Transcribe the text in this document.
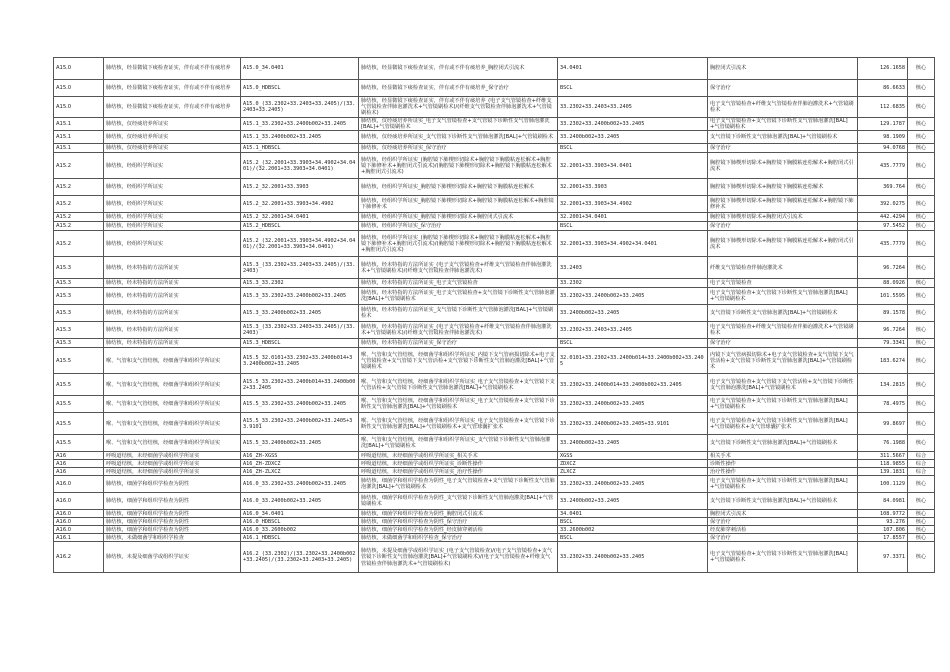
A15.0	肺结核，经显微镜下痰检查证实，伴有或不伴有痰培养	A15.0_34.0401	肺结核，经显微镜下痰检查证实，伴有或不伴有痰培养_胸腔闭式引流术	34.0401	胸腔闭式引流术	126.1658	核心
A15.0	肺结核，经显微镜下痰检查证实，伴有或不伴有痰培养	A15.0_HDBSCL	肺结核，经显微镜下痰检查证实，伴有或不伴有痰培养_保守治疗	BSCL	保守治疗	86.6633	核心
A15.0	肺结核，经显微镜下痰检查证实，伴有或不伴有痰培养	A15.0_(33.2302+33.2403+33.2405)/(33.2403+33.2405)	肺结核，经显微镜下痰检查证实，伴有或不伴有痰培养_(电子支气管镜检查+纤维支气管镜检查伴肺泡灌洗术+气管镜刷检术)/(纤维支气管镜检查伴肺泡灌洗术+气管镜刷检术)	33.2302+33.2403+33.2405	电子支气管镜检查+纤维支气管镜检查伴肺泡灌洗术+气管镜刷检术	112.6835	核心
A15.1	肺结核，仅经痰培养所证实	A15.1_33.2302+33.2400b002+33.2405	肺结核，仅经痰培养所证实_电子支气管镜检查+支气管镜下诊断性支气管肺泡灌洗[BAL]+气管镜刷检术	33.2302+33.2400b002+33.2405	电子支气管镜检查+支气管镜下诊断性支气管肺泡灌洗[BAL]+气管镜刷检术	129.1787	核心
A15.1	肺结核，仅经痰培养所证实	A15.1_33.2400b002+33.2405	肺结核，仅经痰培养所证实_支气管镜下诊断性支气管肺泡灌洗[BAL]+气管镜刷检术	33.2400b002+33.2405	支气管镜下诊断性支气管肺泡灌洗[BAL]+气管镜刷检术	98.1909	核心
A15.1	肺结核，仅经痰培养所证实	A15.1_HDBSCL	肺结核，仅经痰培养所证实_保守治疗	BSCL	保守治疗	94.0768	核心
A15.2	肺结核，经组织学所证实	A15.2_(32.2001+33.3903+34.4902+34.0401)/(32.2001+33.3903+34.0401)	肺结核，经组织学所证实_(胸腔镜下肺楔形切除术+胸腔镜下胸膜粘连松解术+胸腔镜下肺修补术+胸腔闭式引流术)/(胸腔镜下肺楔形切除术+胸腔镜下胸膜粘连松解术+胸腔闭式引流术)	32.2001+33.3903+34.0401	胸腔镜下肺楔形切除术+胸腔镜下胸膜粘连松解术+胸腔闭式引流术	435.7779	核心
A15.2	肺结核，经组织学所证实	A15.2_32.2001+33.3903	肺结核，经组织学所证实_胸腔镜下肺楔形切除术+胸腔镜下胸膜粘连松解术	32.2001+33.3903	胸腔镜下肺楔形切除术+胸腔镜下胸膜粘连松解术	369.764	核心
A15.2	肺结核，经组织学所证实	A15.2_32.2001+33.3903+34.4902	肺结核，经组织学所证实_胸腔镜下肺楔形切除术+胸腔镜下胸膜粘连松解术+胸腔镜下肺修补术	32.2001+33.3903+34.4902	胸腔镜下肺楔形切除术+胸腔镜下胸膜粘连松解术+胸腔镜下肺修补术	392.0275	核心
A15.2	肺结核，经组织学所证实	A15.2_32.2001+34.0401	肺结核，经组织学所证实_胸腔镜下肺楔形切除术+胸腔闭式引流术	32.2001+34.0401	胸腔镜下肺楔形切除术+胸腔闭式引流术	442.4294	核心
A15.2	肺结核，经组织学所证实	A15.2_HDBSCL	肺结核，经组织学所证实_保守治疗	BSCL	保守治疗	97.5452	核心
A15.2	肺结核，经组织学所证实	A15.2_(32.2001+33.3903+34.4902+34.0401)/(32.2001+33.3903+34.0401)	肺结核，经组织学所证实_(胸腔镜下肺楔形切除术+胸腔镜下胸膜粘连松解术+胸腔镜下肺修补术+胸腔闭式引流术)/(胸腔镜下肺楔形切除术+胸腔镜下胸膜粘连松解术+胸腔闭式引流术)	32.2001+33.3903+34.4902+34.0401	胸腔镜下肺楔形切除术+胸腔镜下胸膜粘连松解术+胸腔闭式引流术	435.7779	核心
A15.3	肺结核，经未特指的方法所证实	A15.3_(33.2302+33.2403+33.2405)/(33.2403)	肺结核，经未特指的方法所证实_(电子支气管镜检查+纤维支气管镜检查伴肺泡灌洗术+气管镜刷检术)/(纤维支气管镜检查伴肺泡灌洗术)	33.2403	纤维支气管镜检查伴肺泡灌洗术	96.7264	核心
A15.3	肺结核，经未特指的方法所证实	A15.3_33.2302	肺结核，经未特指的方法所证实_电子支气管镜检查	33.2302	电子支气管镜检查	88.0926	核心
A15.3	肺结核，经未特指的方法所证实	A15.3_33.2302+33.2400b002+33.2405	肺结核，经未特指的方法所证实_电子支气管镜检查+支气管镜下诊断性支气管肺泡灌洗[BAL]+气管镜刷检术	33.2302+33.2400b002+33.2405	电子支气管镜检查+支气管镜下诊断性支气管肺泡灌洗[BAL]+气管镜刷检术	101.5595	核心
A15.3	肺结核，经未特指的方法所证实	A15.3_33.2400b002+33.2405	肺结核，经未特指的方法所证实_支气管镜下诊断性支气管肺泡灌洗[BAL]+气管镜刷检术	33.2400b002+33.2405	支气管镜下诊断性支气管肺泡灌洗[BAL]+气管镜刷检术	89.1578	核心
A15.3	肺结核，经未特指的方法所证实	A15.3_(33.2302+33.2403+33.2405)/(33.2403)	肺结核，经未特指的方法所证实_(电子支气管镜检查+纤维支气管镜检查伴肺泡灌洗术+气管镜刷检术)/(纤维支气管镜检查伴肺泡灌洗术)	33.2302+33.2403+33.2405	电子支气管镜检查+纤维支气管镜检查伴肺泡灌洗术+气管镜刷检术	96.7264	核心
A15.3	肺结核，经未特指的方法所证实	A15.3_HDBSCL	肺结核，经未特指的方法所证实_保守治疗	BSCL	保守治疗	79.3341	核心
A15.5	喉、气管和支气管结核，经细菌学和组织学所证实	A15.5_32.0101+33.2302+33.2400b014+33.2400b002+33.2405	喉、气管和支气管结核，经细菌学和组织学所证实_内镜下支气管病损切除术+电子支气管镜检查+支气管镜下支气管活检+支气管镜下诊断性支气管肺泡灌洗[BAL]+气管镜刷检术	32.0101+33.2302+33.2400b014+33.2400b002+33.2405	内镜下支气管病损切除术+电子支气管镜检查+支气管镜下支气管活检+支气管镜下诊断性支气管肺泡灌洗[BAL]+气管镜刷检术	183.6274	核心
A15.5	喉、气管和支气管结核，经细菌学和组织学所证实	A15.5_33.2302+33.2400b014+33.2400b002+33.2405	喉、气管和支气管结核，经细菌学和组织学所证实_电子支气管镜检查+支气管镜下支气管活检+支气管镜下诊断性支气管肺泡灌洗[BAL]+气管镜刷检术	33.2302+33.2400b014+33.2400b002+33.2405	电子支气管镜检查+支气管镜下支气管活检+支气管镜下诊断性支气管肺泡灌洗[BAL]+气管镜刷检术	134.2815	核心
A15.5	喉、气管和支气管结核，经细菌学和组织学所证实	A15.5_33.2302+33.2400b002+33.2405	喉、气管和支气管结核，经细菌学和组织学所证实_电子支气管镜检查+支气管镜下诊断性支气管肺泡灌洗[BAL]+气管镜刷检术	33.2302+33.2400b002+33.2405	电子支气管镜检查+支气管镜下诊断性支气管肺泡灌洗[BAL]+气管镜刷检术	78.4975	核心
A15.5	喉、气管和支气管结核，经细菌学和组织学所证实	A15.5_33.2302+33.2400b002+33.2405+33.9101	喉、气管和支气管结核，经细菌学和组织学所证实_电子支气管镜检查+支气管镜下诊断性支气管肺泡灌洗[BAL]+气管镜刷检术+支气管球囊扩张术	33.2302+33.2400b002+33.2405+33.9101	电子支气管镜检查+支气管镜下诊断性支气管肺泡灌洗[BAL]+气管镜刷检术+支气管球囊扩张术	99.8697	核心
A15.5	喉、气管和支气管结核，经细菌学和组织学所证实	A15.5_33.2400b002+33.2405	喉、气管和支气管结核，经细菌学和组织学所证实_支气管镜下诊断性支气管肺泡灌洗[BAL]+气管镜刷检术	33.2400b002+33.2405	支气管镜下诊断性支气管肺泡灌洗[BAL]+气管镜刷检术	76.1988	核心
A16	呼吸道结核，未经细菌学或组织学所证实	A16_ZH-XGSS	呼吸道结核，未经细菌学或组织学所证实_相关手术	XGSS	相关手术	311.5667	综合
A16	呼吸道结核，未经细菌学或组织学所证实	A16_ZH-ZDXCZ	呼吸道结核，未经细菌学或组织学所证实_诊断性操作	ZDXCZ	诊断性操作	118.9855	综合
A16	呼吸道结核，未经细菌学或组织学所证实	A16_ZH-ZLXCZ	呼吸道结核，未经细菌学或组织学所证实_治疗性操作	ZLXCZ	治疗性操作	139.1831	综合
A16.0	肺结核，细菌学和组织学检查为阴性	A16.0_33.2302+33.2400b002+33.2405	肺结核，细菌学和组织学检查为阴性_电子支气管镜检查+支气管镜下诊断性支气管肺泡灌洗[BAL]+气管镜刷检术	33.2302+33.2400b002+33.2405	电子支气管镜检查+支气管镜下诊断性支气管肺泡灌洗[BAL]+气管镜刷检术	100.1129	核心
A16.0	肺结核，细菌学和组织学检查为阴性	A16.0_33.2400b002+33.2405	肺结核，细菌学和组织学检查为阴性_支气管镜下诊断性支气管肺泡灌洗[BAL]+气管镜刷检术	33.2400b002+33.2405	支气管镜下诊断性支气管肺泡灌洗[BAL]+气管镜刷检术	84.0981	核心
A16.0	肺结核，细菌学和组织学检查为阴性	A16.0_34.0401	肺结核，细菌学和组织学检查为阴性_胸腔闭式引流术	34.0401	胸腔闭式引流术	108.9772	核心
A16.0	肺结核，细菌学和组织学检查为阴性	A16.0_HDBSCL	肺结核，细菌学和组织学检查为阴性_保守治疗	BSCL	保守治疗	93.276	核心
A16.0	肺结核，细菌学和组织学检查为阴性	A16.0_33.2600b002	肺结核，细菌学和组织学检查为阴性_经皮肺穿刺活检	33.2600b002	经皮肺穿刺活检	107.806	核心
A16.1	肺结核，未做细菌学和组织学检查	A16.1_HDBSCL	肺结核，未做细菌学和组织学检查_保守治疗	BSCL	保守治疗	17.8557	核心
A16.2	肺结核，未提及细菌学或组织学证实	A16.2_(33.2302)/(33.2302+33.2400b002+33.2405)/(33.2302+33.2403+33.2405)	肺结核，未提及细菌学或组织学证实_(电子支气管镜检查)/(电子支气管镜检查+支气管镜下诊断性支气管肺泡灌洗[BAL]+气管镜刷检术)/(电子支气管镜检查+纤维支气管镜检查伴肺泡灌洗术+气管镜刷检术)	33.2302+33.2400b002+33.2405	电子支气管镜检查+支气管镜下诊断性支气管肺泡灌洗[BAL]+气管镜刷检术	97.3371	核心
